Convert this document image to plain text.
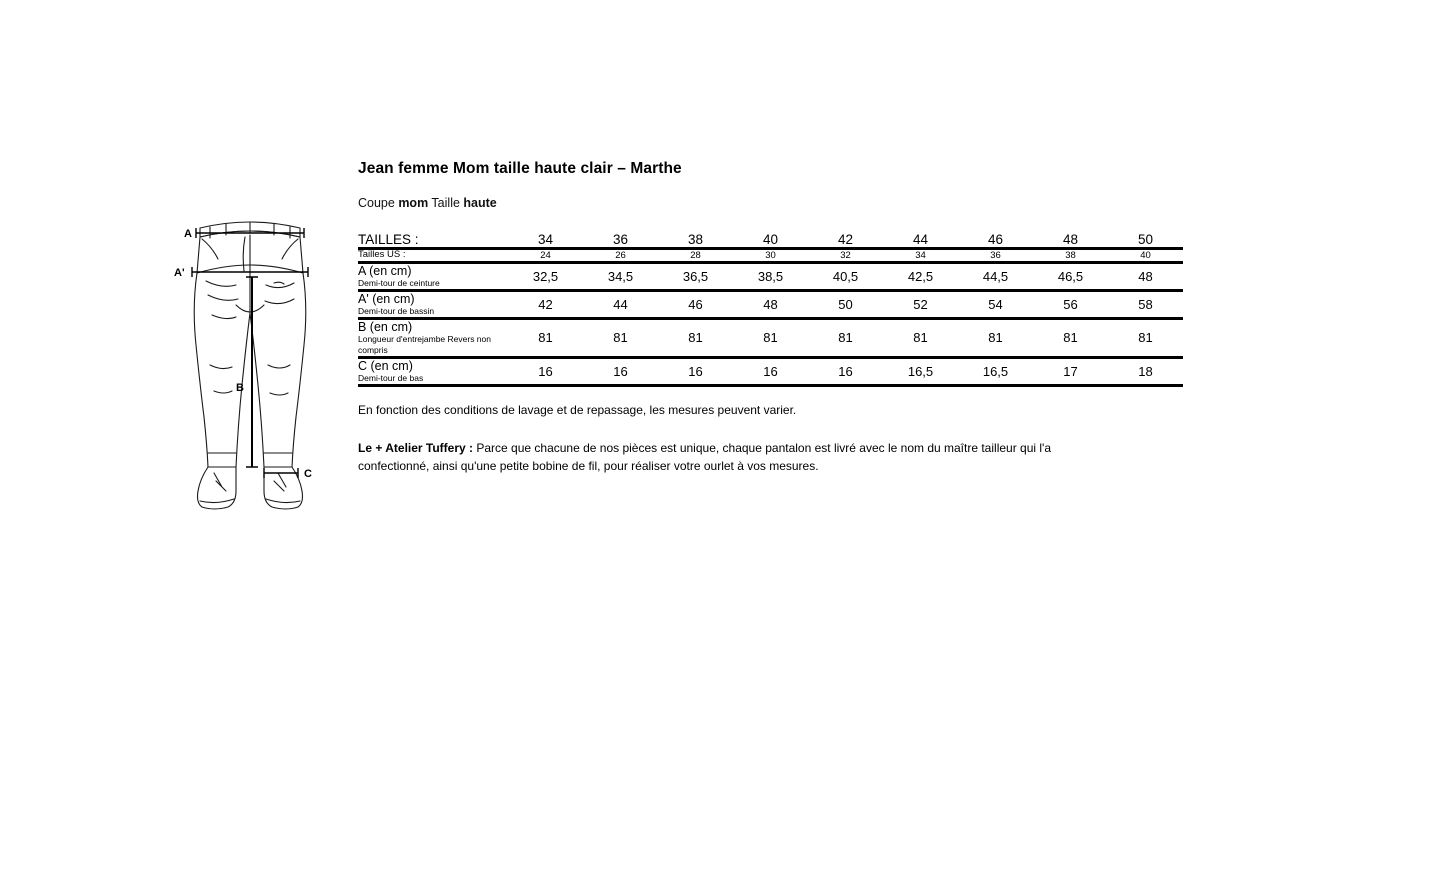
A
A'
B
C
Jean femme Mom taille haute clair – Marthe

Coupe mom Taille haute

TAILLES :	34	36	38	40	42	44	46	48	50

Tailles US :	24	26	28	30	32	34	36	38	40

A (en cm)
Demi-tour de ceinture	32,5	34,5	36,5	38,5	40,5	42,5	44,5	46,5	48

A' (en cm)
Demi-tour de bassin	42	44	46	48	50	52	54	56	58

B (en cm)
Longueur d'entrejambe Revers non compris	81	81	81	81	81	81	81	81	81

C (en cm)
Demi-tour de bas	16	16	16	16	16	16,5	16,5	17	18

En fonction des conditions de lavage et de repassage, les mesures peuvent varier.

Le + Atelier Tuffery : Parce que chacune de nos pièces est unique, chaque pantalon est livré avec le nom du maître tailleur qui l'a confectionné, ainsi qu'une petite bobine de fil, pour réaliser votre ourlet à vos mesures.
